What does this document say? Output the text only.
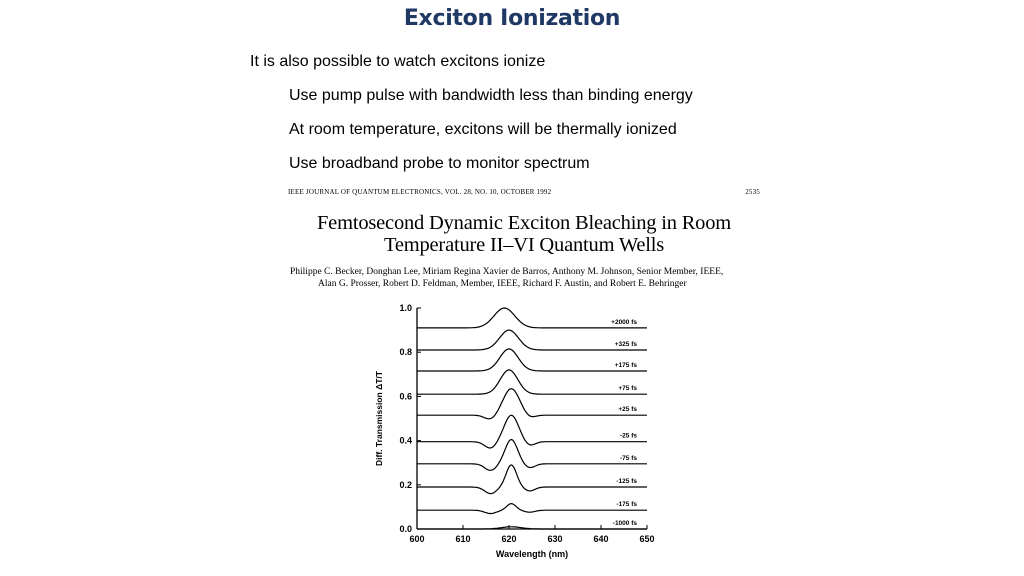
Exciton Ionization

It is also possible to watch excitons ionize

Use pump pulse with bandwidth less than binding energy

At room temperature, excitons will be thermally ionized

Use broadband probe to monitor spectrum

IEEE JOURNAL OF QUANTUM ELECTRONICS, VOL. 28, NO. 10, OCTOBER 1992	2535
Femtosecond Dynamic Exciton Bleaching in Room
Temperature II–VI Quantum Wells
Philippe C. Becker, Donghan Lee, Miriam Regina Xavier de Barros, Anthony M. Johnson, Senior Member, IEEE,
Alan G. Prosser, Robert D. Feldman, Member, IEEE, Richard F. Austin, and Robert E. Behringer
600	610	620	630	640	650
0.0
0.2
0.4
0.6
0.8
1.0
Wavelength (nm)
Diff. Transmission ΔT/T
+2000 fs
+325 fs
+175 fs
+75 fs
+25 fs
-25 fs
-75 fs
-125 fs
-175 fs
-1000 fs
